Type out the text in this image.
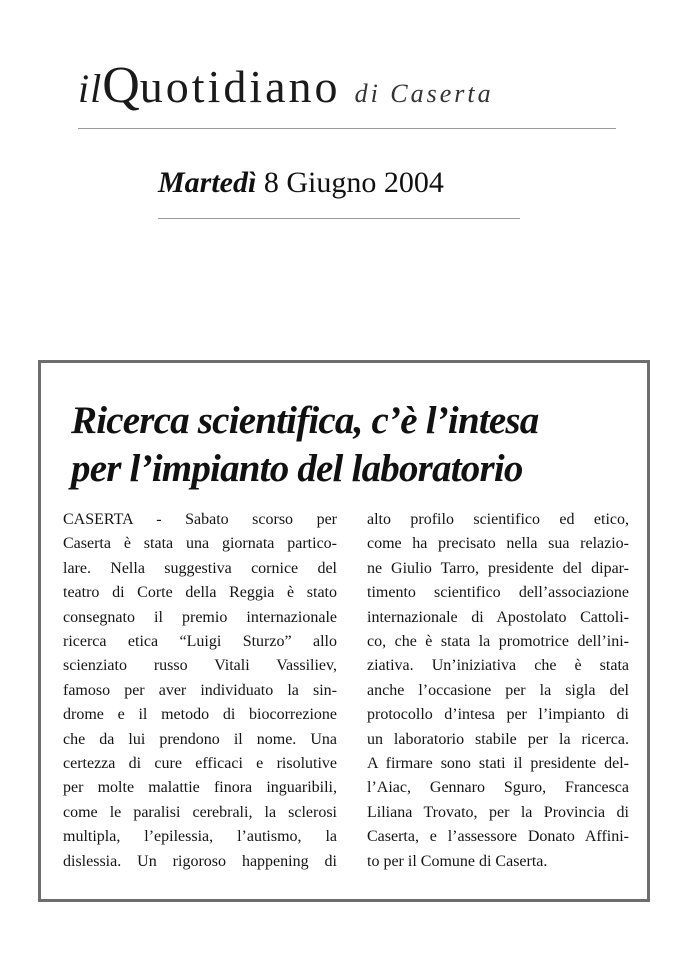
ilQuotidiano di Caserta
Martedì 8 Giugno 2004
Ricerca scientifica, c’è l’intesa
per l’impianto del laboratorio
CASERTA - Sabato scorso per
Caserta è stata una giornata partico-
lare. Nella suggestiva cornice del
teatro di Corte della Reggia è stato
consegnato il premio internazionale
ricerca etica “Luigi Sturzo” allo
scienziato russo Vitali Vassiliev,
famoso per aver individuato la sin-
drome e il metodo di biocorrezione
che da lui prendono il nome. Una
certezza di cure efficaci e risolutive
per molte malattie finora inguaribili,
come le paralisi cerebrali, la sclerosi
multipla, l’epilessia, l’autismo, la
dislessia. Un rigoroso happening di
alto profilo scientifico ed etico,
come ha precisato nella sua relazio-
ne Giulio Tarro, presidente del dipar-
timento scientifico dell’associazione
internazionale di Apostolato Cattoli-
co, che è stata la promotrice dell’ini-
ziativa. Un’iniziativa che è stata
anche l’occasione per la sigla del
protocollo d’intesa per l’impianto di
un laboratorio stabile per la ricerca.
A firmare sono stati il presidente del-
l’Aiac, Gennaro Sguro, Francesca
Liliana Trovato, per la Provincia di
Caserta, e l’assessore Donato Affini-
to per il Comune di Caserta.
